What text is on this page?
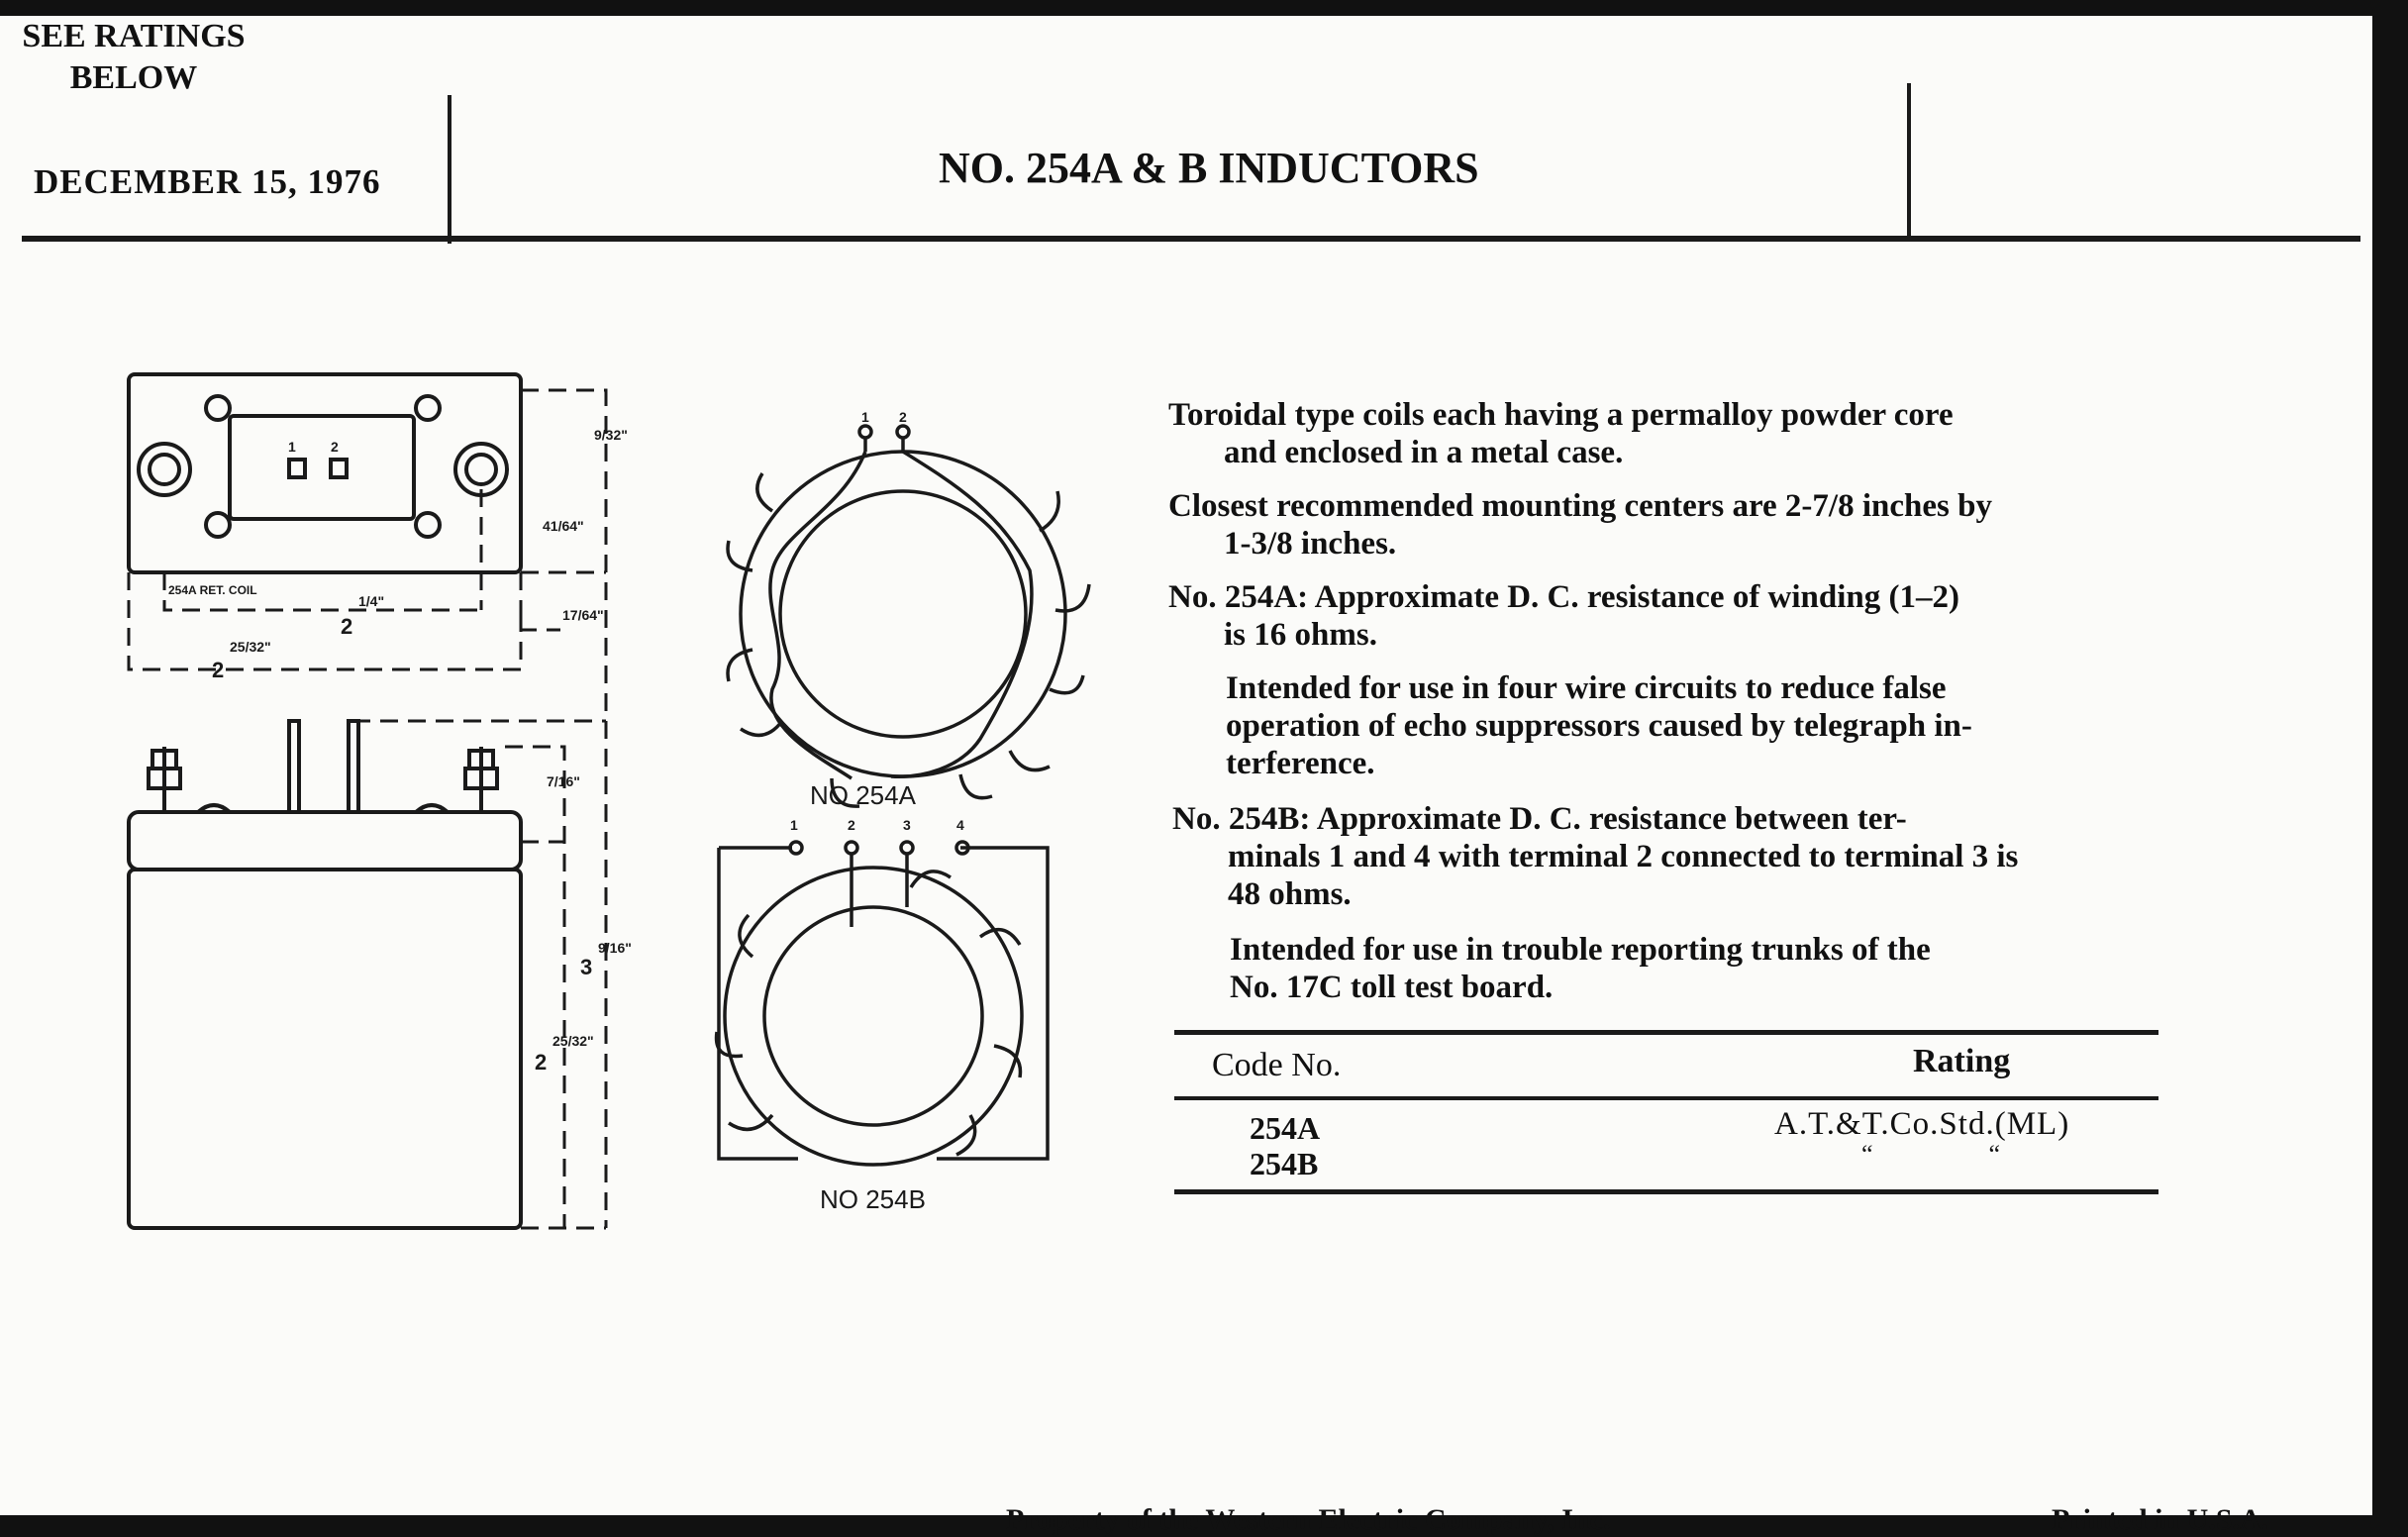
DECEMBER 15, 1976	NO. 254A & B INDUCTORS
SEE RATINGS
BELOW
254A RET. COIL
2
1/4"
2
25/32"
9/32"
41/64"
17/64"
7/16"
3
9/16"
2
25/32"
1	2
NO 254A
1 2
NO 254B
1	2	3	4
Toroidal type coils each having a permalloy powder core
and enclosed in a metal case.
Closest recommended mounting centers are 2-7/8 inches by
1-3/8 inches.
No. 254A: Approximate D. C. resistance of winding (1–2)
is 16 ohms.
Intended for use in four wire circuits to reduce false
operation of echo suppressors caused by telegraph in-
terference.
No. 254B: Approximate D. C. resistance between ter-
minals 1 and 4 with terminal 2 connected to terminal 3 is
48 ohms.
Intended for use in trouble reporting trunks of the
No. 17C toll test board.
Code No.	Rating
254A	A.T.&T.Co.Std.(ML)
254B	“                  “
Property of the Western Electric Company, Inc.	Printed in U.S.A.
